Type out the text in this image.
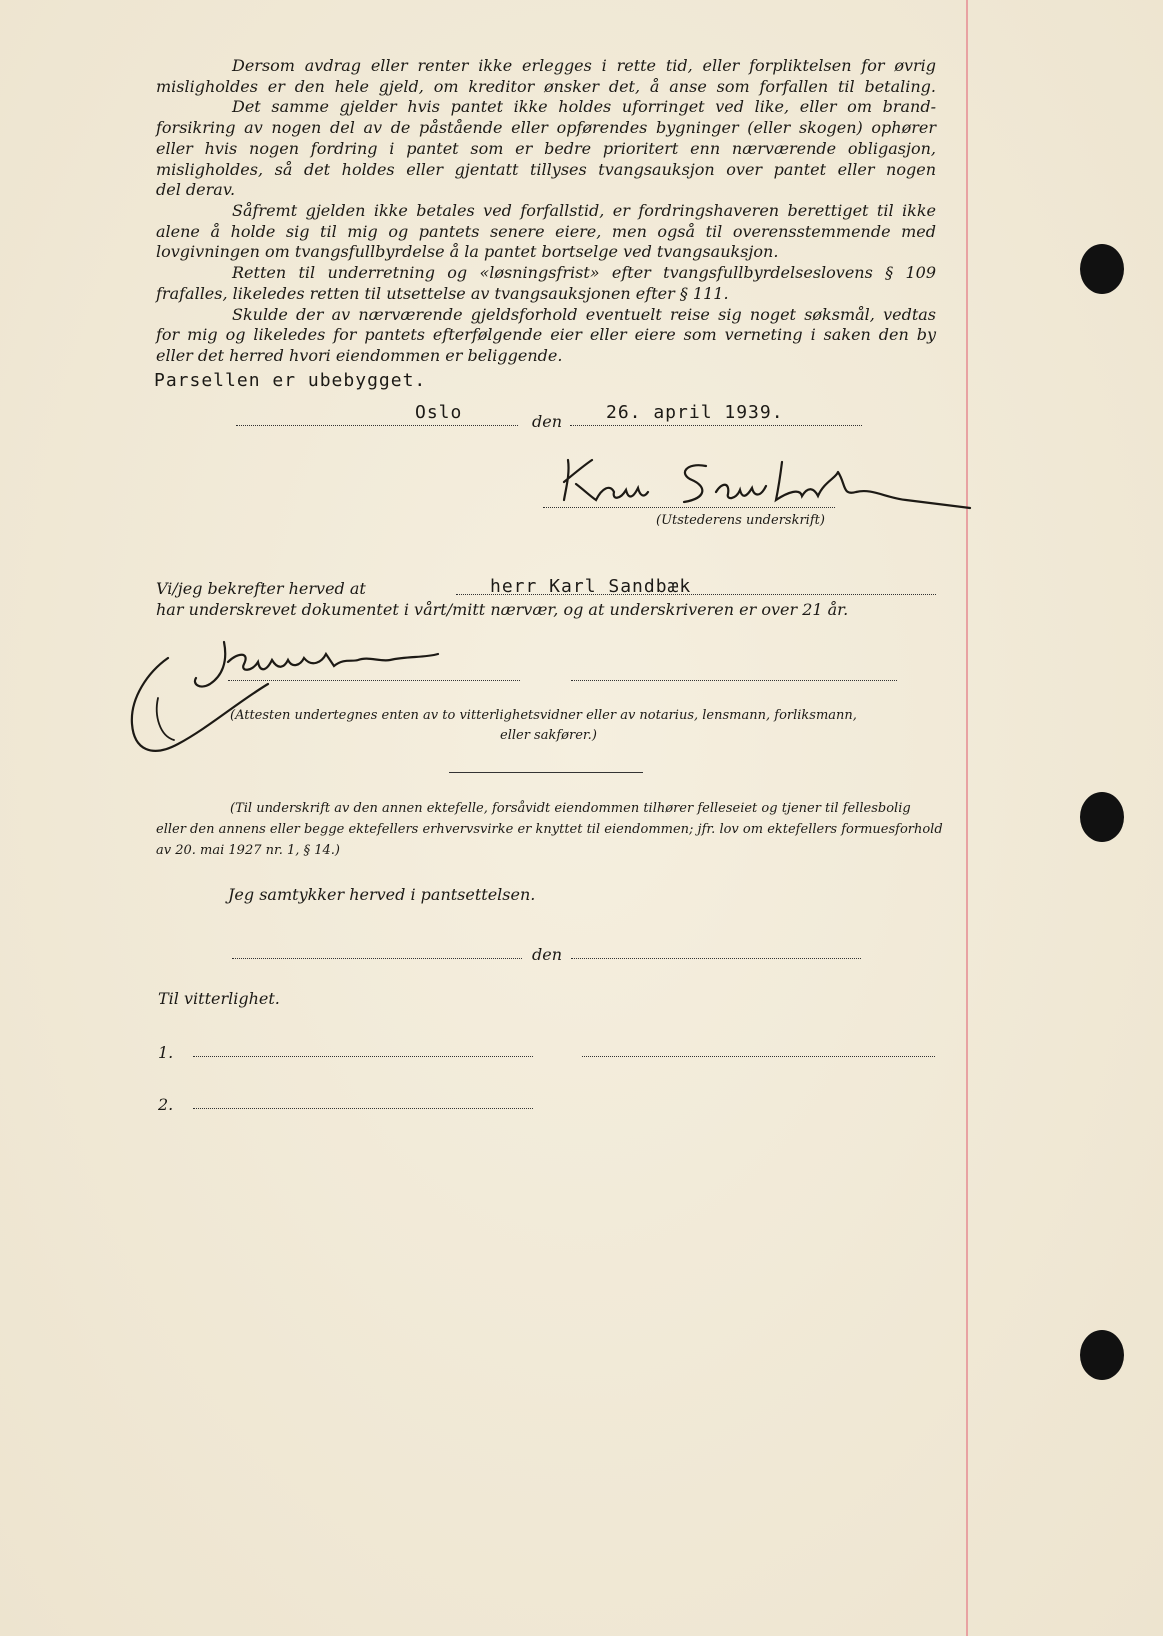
Dersom avdrag eller renter ikke erlegges i rette tid, eller forpliktelsen for øvrig
misligholdes er den hele gjeld, om kreditor ønsker det, å anse som forfallen til betaling.
Det samme gjelder hvis pantet ikke holdes uforringet ved like, eller om brand-
forsikring av nogen del av de påstående eller opførendes bygninger (eller skogen) ophører
eller hvis nogen fordring i pantet som er bedre prioritert enn nærværende obligasjon,
misligholdes, så det holdes eller gjentatt tillyses tvangsauksjon over pantet eller nogen
del derav.
Såfremt gjelden ikke betales ved forfallstid, er fordringshaveren berettiget til ikke
alene å holde sig til mig og pantets senere eiere, men også til overensstemmende med
lovgivningen om tvangsfullbyrdelse å la pantet bortselge ved tvangsauksjon.
Retten til underretning og «løsningsfrist» efter tvangsfullbyrdelseslovens § 109
frafalles, likeledes retten til utsettelse av tvangsauksjonen efter § 111.
Skulde der av nærværende gjeldsforhold eventuelt reise sig noget søksmål, vedtas
for mig og likeledes for pantets efterfølgende eier eller eiere som verneting i saken den by
eller det herred hvori eiendommen er beliggende.
Parsellen er ubebygget.
Oslo	den 26. april 1939.
(Utstederens underskrift)
Vi/jeg bekrefter herved at	herr Karl Sandbæk
har underskrevet dokumentet i vårt/mitt nærvær, og at underskriveren er over 21 år.
(Attesten undertegnes enten av to vitterlighetsvidner eller av notarius, lensmann, forliksmann,
eller sakfører.)
(Til underskrift av den annen ektefelle, forsåvidt eiendommen tilhører felleseiet og tjener til fellesbolig
eller den annens eller begge ektefellers erhvervsvirke er knyttet til eiendommen; jfr. lov om ektefellers formuesforhold
av 20. mai 1927 nr. 1, § 14.)
Jeg samtykker herved i pantsettelsen.
den
Til vitterlighet.
1.
2.
